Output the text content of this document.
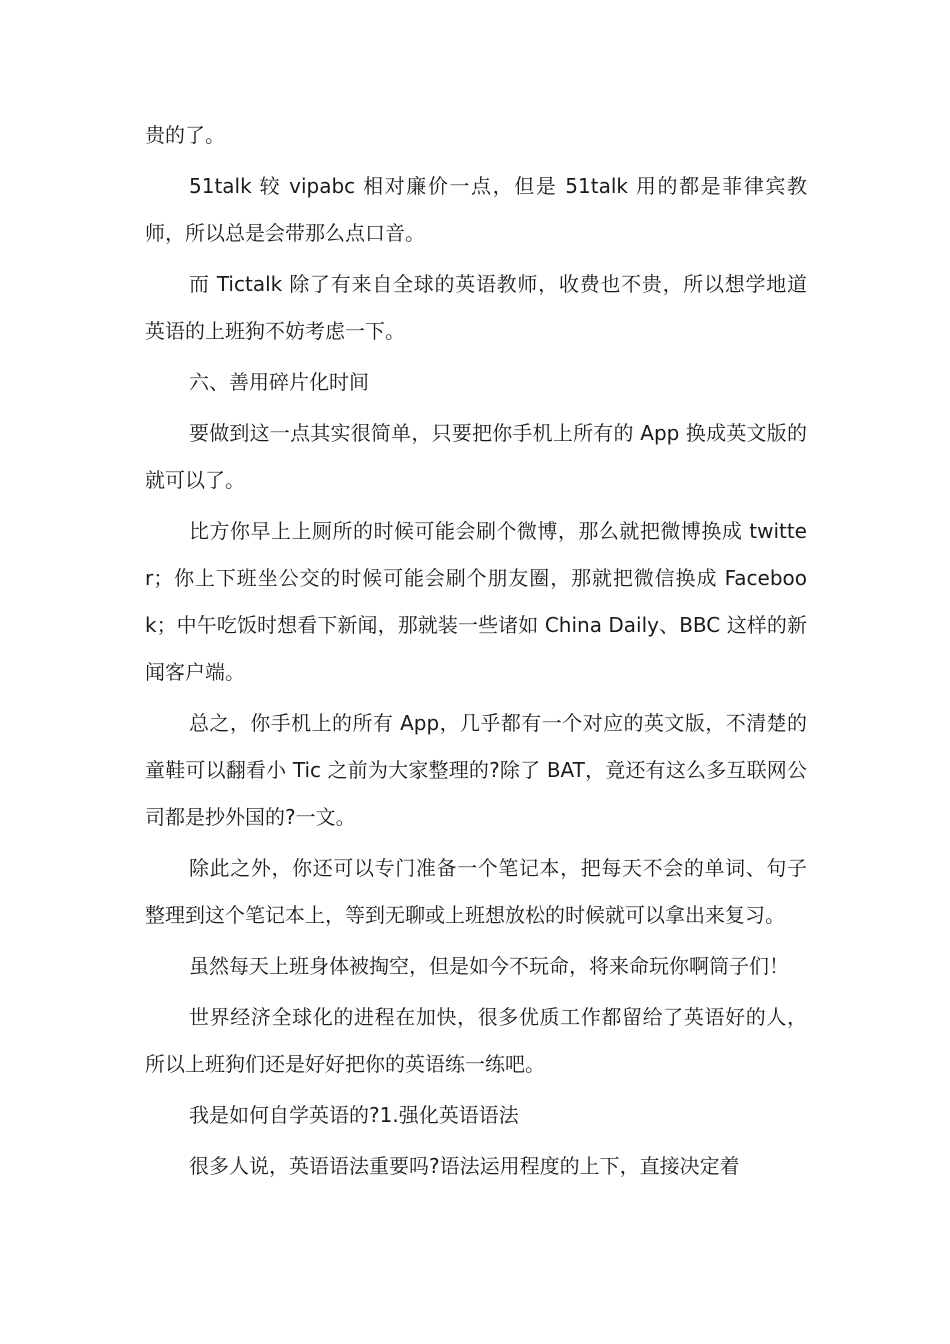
贵的了。

51talk 较 vipabc 相对廉价一点，但是 51talk 用的都是菲律宾教师，所以总是会带那么点口音。

而 Tictalk 除了有来自全球的英语教师，收费也不贵，所以想学地道英语的上班狗不妨考虑一下。

六、善用碎片化时间

要做到这一点其实很简单，只要把你手机上所有的 App 换成英文版的就可以了。

比方你早上上厕所的时候可能会刷个微博，那么就把微博换成 twitter；你上下班坐公交的时候可能会刷个朋友圈，那就把微信换成 Facebook；中午吃饭时想看下新闻，那就装一些诸如 China Daily、BBC 这样的新闻客户端。

总之，你手机上的所有 App，几乎都有一个对应的英文版，不清楚的童鞋可以翻看小 Tic 之前为大家整理的?除了 BAT，竟还有这么多互联网公司都是抄外国的?一文。

除此之外，你还可以专门准备一个笔记本，把每天不会的单词、句子整理到这个笔记本上，等到无聊或上班想放松的时候就可以拿出来复习。

虽然每天上班身体被掏空，但是如今不玩命，将来命玩你啊筒子们！

世界经济全球化的进程在加快，很多优质工作都留给了英语好的人，所以上班狗们还是好好把你的英语练一练吧。

我是如何自学英语的?1.强化英语语法

很多人说，英语语法重要吗?语法运用程度的上下，直接决定着
